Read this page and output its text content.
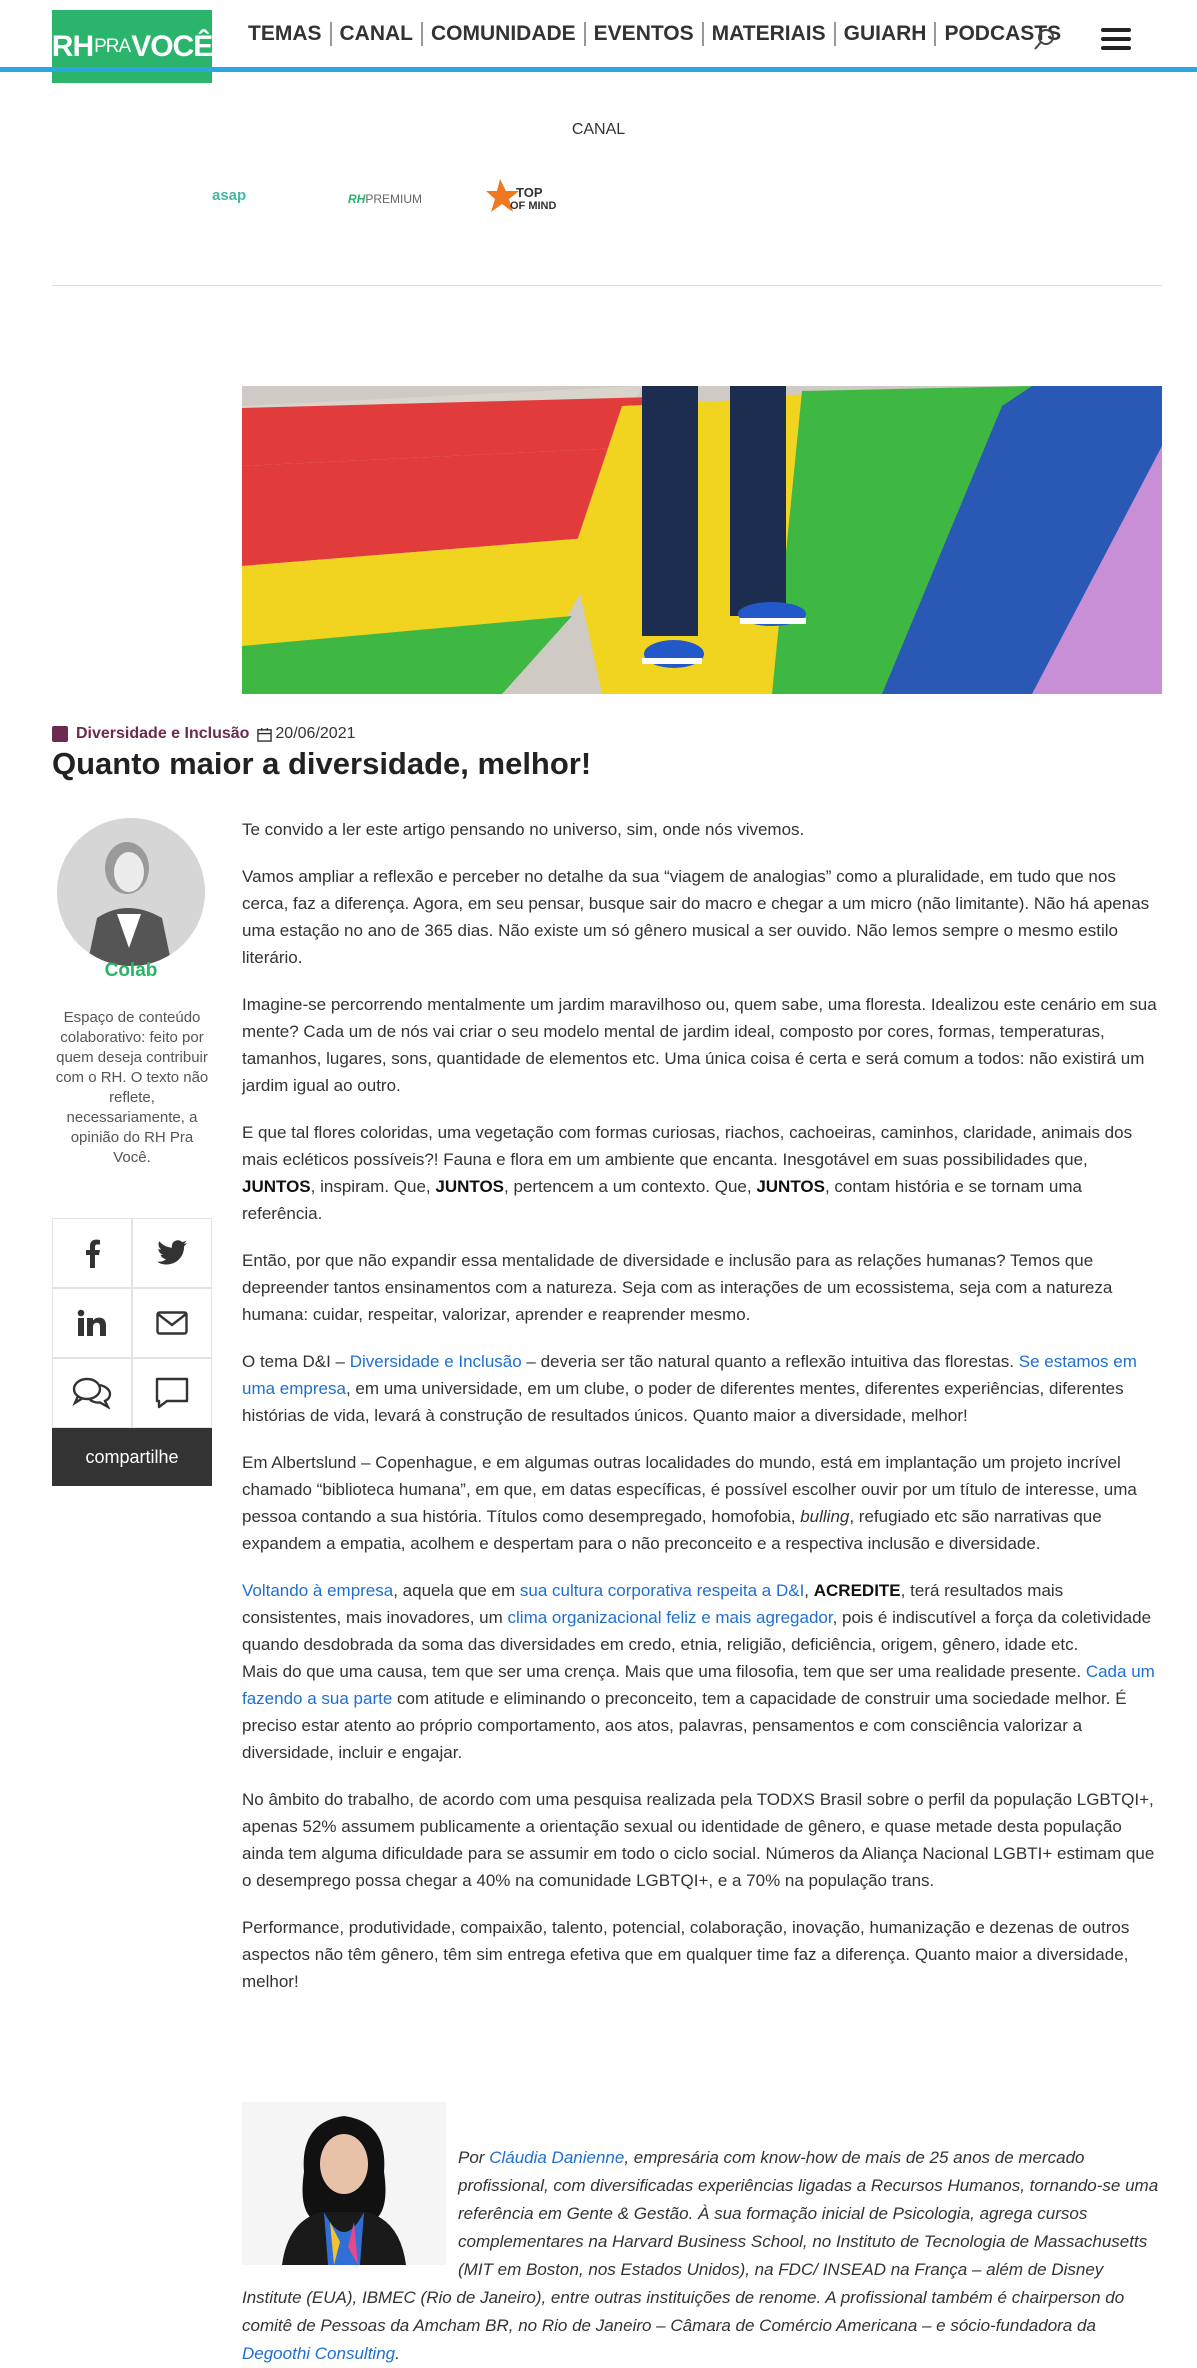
RH PRA VOCÊ	TEMAS CANAL COMUNIDADE EVENTOS MATERIAIS GUIARH PODCASTS
CANAL
asap	RH PREMIUM	TOP
OF MIND
Diversidade e Inclusão 20/06/2021
Quanto maior a diversidade, melhor!
Colab
Espaço de conteúdo colaborativo: feito por quem deseja contribuir com o RH. O texto não reflete, necessariamente, a opinião do RH Pra Você.
compartilhe

Te convido a ler este artigo pensando no universo, sim, onde nós vivemos.

Vamos ampliar a reflexão e perceber no detalhe da sua “viagem de analogias” como a pluralidade, em tudo que nos cerca, faz a diferença. Agora, em seu pensar, busque sair do macro e chegar a um micro (não limitante). Não há apenas uma estação no ano de 365 dias. Não existe um só gênero musical a ser ouvido. Não lemos sempre o mesmo estilo literário.

Imagine-se percorrendo mentalmente um jardim maravilhoso ou, quem sabe, uma floresta. Idealizou este cenário em sua mente? Cada um de nós vai criar o seu modelo mental de jardim ideal, composto por cores, formas, temperaturas, tamanhos, lugares, sons, quantidade de elementos etc. Uma única coisa é certa e será comum a todos: não existirá um jardim igual ao outro.

E que tal flores coloridas, uma vegetação com formas curiosas, riachos, cachoeiras, caminhos, claridade, animais dos mais ecléticos possíveis?! Fauna e flora em um ambiente que encanta. Inesgotável em suas possibilidades que, JUNTOS, inspiram. Que, JUNTOS, pertencem a um contexto. Que, JUNTOS, contam história e se tornam uma referência.

Então, por que não expandir essa mentalidade de diversidade e inclusão para as relações humanas? Temos que depreender tantos ensinamentos com a natureza. Seja com as interações de um ecossistema, seja com a natureza humana: cuidar, respeitar, valorizar, aprender e reaprender mesmo.

O tema D&I – Diversidade e Inclusão – deveria ser tão natural quanto a reflexão intuitiva das florestas. Se estamos em uma empresa, em uma universidade, em um clube, o poder de diferentes mentes, diferentes experiências, diferentes histórias de vida, levará à construção de resultados únicos. Quanto maior a diversidade, melhor!

Em Albertslund – Copenhague, e em algumas outras localidades do mundo, está em implantação um projeto incrível chamado “biblioteca humana”, em que, em datas específicas, é possível escolher ouvir por um título de interesse, uma pessoa contando a sua história. Títulos como desempregado, homofobia, bulling, refugiado etc são narrativas que expandem a empatia, acolhem e despertam para o não preconceito e a respectiva inclusão e diversidade.

Voltando à empresa, aquela que em sua cultura corporativa respeita a D&I, ACREDITE, terá resultados mais consistentes, mais inovadores, um clima organizacional feliz e mais agregador, pois é indiscutível a força da coletividade quando desdobrada da soma das diversidades em credo, etnia, religião, deficiência, origem, gênero, idade etc.

Mais do que uma causa, tem que ser uma crença. Mais que uma filosofia, tem que ser uma realidade presente. Cada um fazendo a sua parte com atitude e eliminando o preconceito, tem a capacidade de construir uma sociedade melhor. É preciso estar atento ao próprio comportamento, aos atos, palavras, pensamentos e com consciência valorizar a diversidade, incluir e engajar.

No âmbito do trabalho, de acordo com uma pesquisa realizada pela TODXS Brasil sobre o perfil da população LGBTQI+, apenas 52% assumem publicamente a orientação sexual ou identidade de gênero, e quase metade desta população ainda tem alguma dificuldade para se assumir em todo o ciclo social. Números da Aliança Nacional LGBTI+ estimam que o desemprego possa chegar a 40% na comunidade LGBTQI+, e a 70% na população trans.

Performance, produtividade, compaixão, talento, potencial, colaboração, inovação, humanização e dezenas de outros aspectos não têm gênero, têm sim entrega efetiva que em qualquer time faz a diferença. Quanto maior a diversidade, melhor!

Por Cláudia Danienne, empresária com know-how de mais de 25 anos de mercado profissional, com diversificadas experiências ligadas a Recursos Humanos, tornando-se uma referência em Gente & Gestão. À sua formação inicial de Psicologia, agrega cursos complementares na Harvard Business School, no Instituto de Tecnologia de Massachusetts (MIT em Boston, nos Estados Unidos), na FDC/ INSEAD na França – além de Disney Institute (EUA), IBMEC (Rio de Janeiro), entre outras instituições de renome. A profissional também é chairperson do comitê de Pessoas da Amcham BR, no Rio de Janeiro – Câmara de Comércio Americana – e sócio-fundadora da Degoothi Consulting.
